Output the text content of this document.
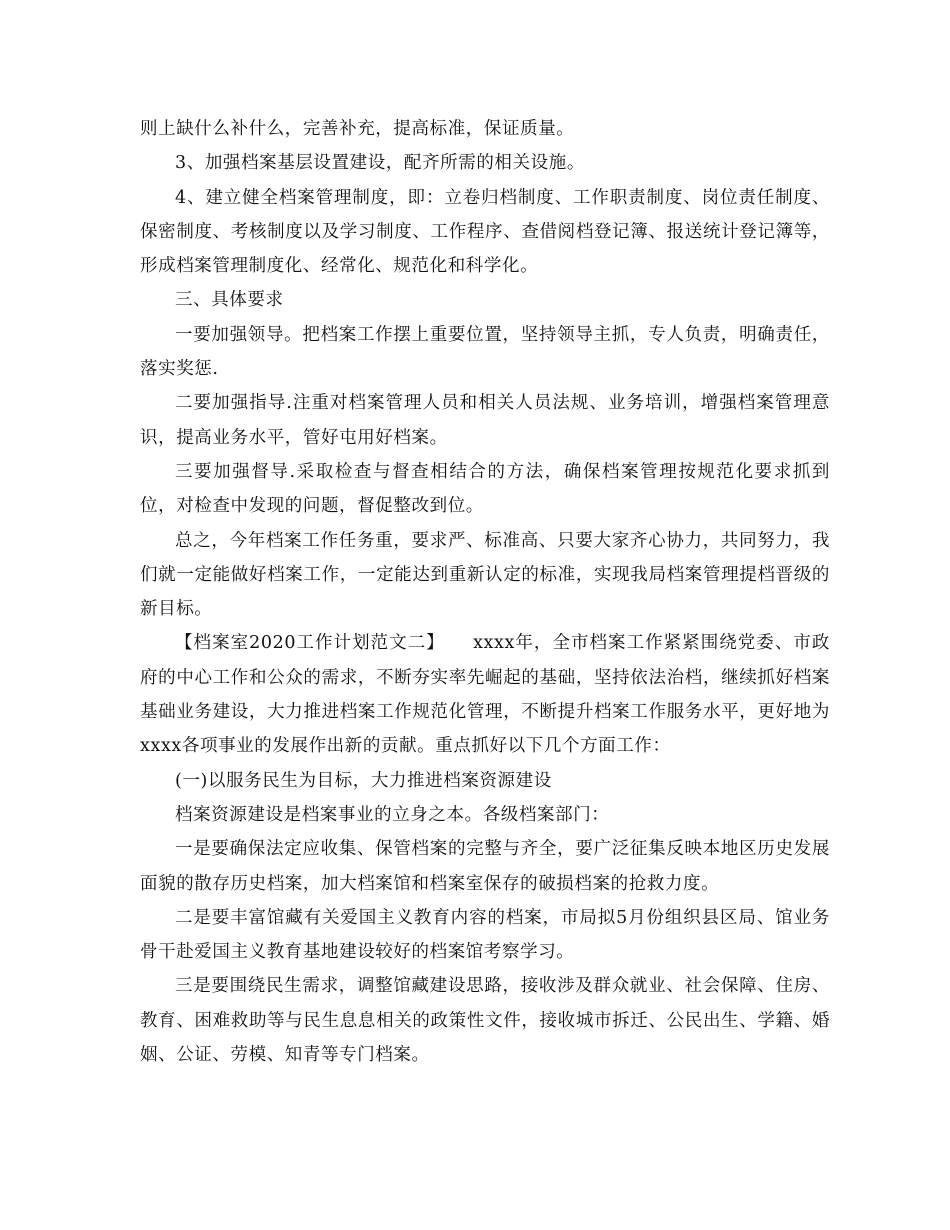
则上缺什么补什么，完善补充，提高标准，保证质量。

3、加强档案基层设置建设，配齐所需的相关设施。

4、建立健全档案管理制度，即：立卷归档制度、工作职责制度、岗位责任制度、保密制度、考核制度以及学习制度、工作程序、查借阅档登记簿、报送统计登记簿等，形成档案管理制度化、经常化、规范化和科学化。

三、具体要求

一要加强领导。把档案工作摆上重要位置，坚持领导主抓，专人负责，明确责任，落实奖惩.

二要加强指导.注重对档案管理人员和相关人员法规、业务培训，增强档案管理意识，提高业务水平，管好屯用好档案。

三要加强督导.采取检查与督查相结合的方法，确保档案管理按规范化要求抓到位，对检查中发现的问题，督促整改到位。

总之，今年档案工作任务重，要求严、标准高、只要大家齐心协力，共同努力，我们就一定能做好档案工作，一定能达到重新认定的标准，实现我局档案管理提档晋级的新目标。

【档案室2020工作计划范文二】　　xxxx年，全市档案工作紧紧围绕党委、市政府的中心工作和公众的需求，不断夯实率先崛起的基础，坚持依法治档，继续抓好档案基础业务建设，大力推进档案工作规范化管理，不断提升档案工作服务水平，更好地为xxxx各项事业的发展作出新的贡献。重点抓好以下几个方面工作：

(一)以服务民生为目标，大力推进档案资源建设

档案资源建设是档案事业的立身之本。各级档案部门：

一是要确保法定应收集、保管档案的完整与齐全，要广泛征集反映本地区历史发展面貌的散存历史档案，加大档案馆和档案室保存的破损档案的抢救力度。

二是要丰富馆藏有关爱国主义教育内容的档案，市局拟5月份组织县区局、馆业务骨干赴爱国主义教育基地建设较好的档案馆考察学习。

三是要围绕民生需求，调整馆藏建设思路，接收涉及群众就业、社会保障、住房、教育、困难救助等与民生息息相关的政策性文件，接收城市拆迁、公民出生、学籍、婚姻、公证、劳模、知青等专门档案。
